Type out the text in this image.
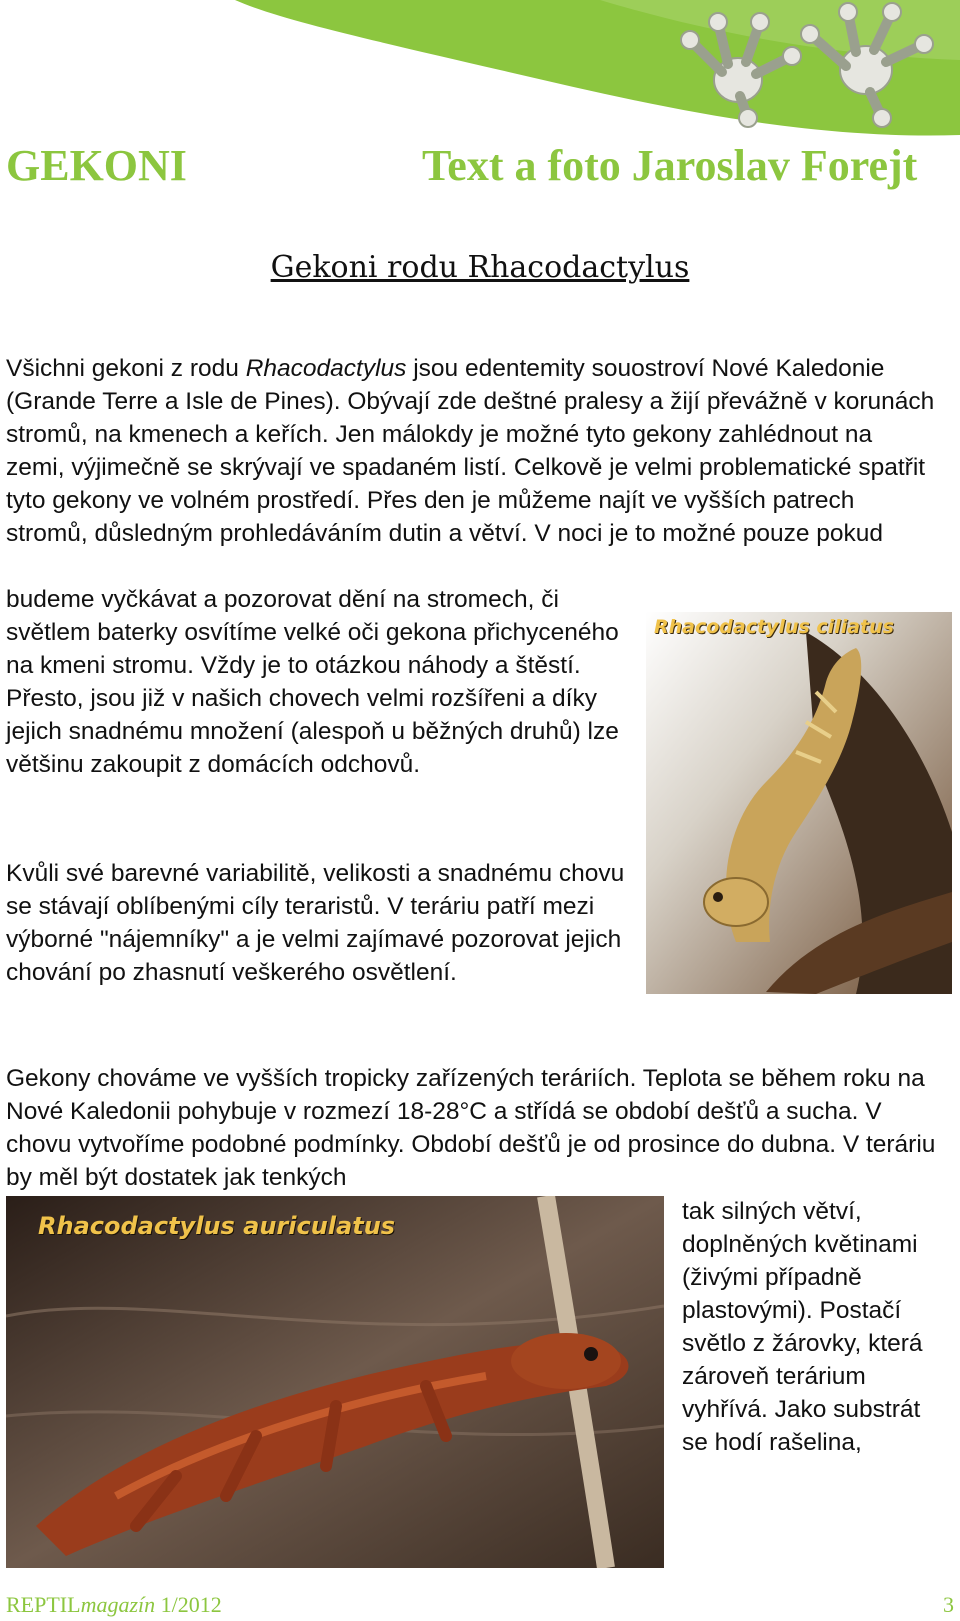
GEKONI	Text a foto Jaroslav Forejt
Gekoni rodu Rhacodactylus

Všichni gekoni z rodu Rhacodactylus jsou edentemity souostroví Nové Kaledonie (Grande Terre a Isle de Pines). Obývají zde deštné pralesy a žijí převážně v korunách stromů, na kmenech a keřích. Jen málokdy je možné tyto gekony zahlédnout na zemi, výjimečně se skrývají ve spadaném listí. Celkově je velmi problematické spatřit tyto gekony ve volném prostředí. Přes den je můžeme najít ve vyšších patrech stromů, důsledným prohledáváním dutin a větví. V noci je to možné pouze pokud

budeme vyčkávat a pozorovat dění na stromech, či světlem baterky osvítíme velké oči gekona přichyceného na kmeni stromu. Vždy je to otázkou náhody a štěstí. Přesto, jsou již v našich chovech velmi rozšířeni a díky jejich snadnému množení (alespoň u běžných druhů) lze většinu zakoupit z domácích odchovů.

Kvůli své barevné variabilitě, velikosti a snadnému chovu se stávají oblíbenými cíly teraristů. V teráriu patří mezi výborné "nájemníky" a je velmi zajímavé pozorovat jejich chování po zhasnutí veškerého osvětlení.

Gekony chováme ve vyšších tropicky zařízených teráriích. Teplota se během roku na Nové Kaledonii pohybuje v rozmezí 18-28°C a střídá se období dešťů a sucha. V chovu vytvoříme podobné podmínky. Období dešťů je od prosince do dubna. V teráriu by měl být dostatek jak tenkých

tak silných větví, doplněných květinami (živými případně plastovými). Postačí světlo z žárovky, která zároveň terárium vyhřívá. Jako substrát se hodí rašelina,

Rhacodactylus ciliatus
Rhacodactylus auriculatus
REPTILmagazín 1/2012	3
